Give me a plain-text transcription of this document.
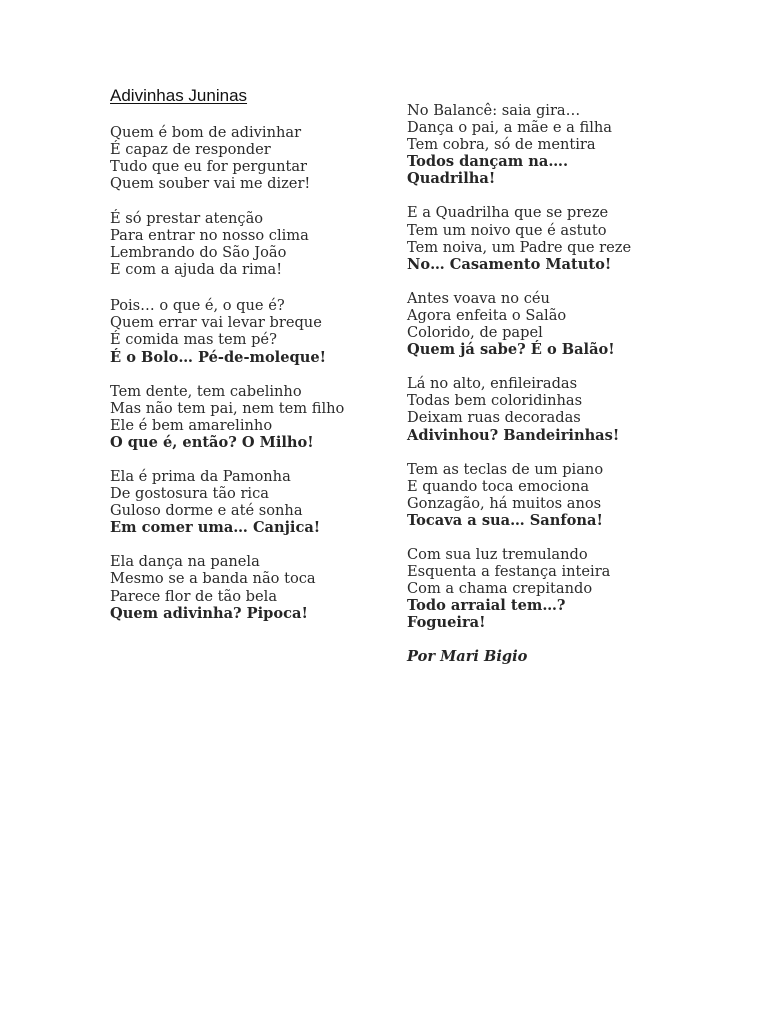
Adivinhas Juninas
Quem é bom de adivinhar
É capaz de responder
Tudo que eu for perguntar
Quem souber vai me dizer!
É só prestar atenção
Para entrar no nosso clima
Lembrando do São João
E com a ajuda da rima!
Pois… o que é, o que é?
Quem errar vai levar breque
É comida mas tem pé?
É o Bolo… Pé-de-moleque!
Tem dente, tem cabelinho
Mas não tem pai, nem tem filho
Ele é bem amarelinho
O que é, então? O Milho!
Ela é prima da Pamonha
De gostosura tão rica
Guloso dorme e até sonha
Em comer uma… Canjica!
Ela dança na panela
Mesmo se a banda não toca
Parece flor de tão bela
Quem adivinha? Pipoca!
No Balancê: saia gira…
Dança o pai, a mãe e a filha
Tem cobra, só de mentira
Todos dançam na….
Quadrilha!
E a Quadrilha que se preze
Tem um noivo que é astuto
Tem noiva, um Padre que reze
No… Casamento Matuto!
Antes voava no céu
Agora enfeita o Salão
Colorido, de papel
Quem já sabe? É o Balão!
Lá no alto, enfileiradas
Todas bem coloridinhas
Deixam ruas decoradas
Adivinhou? Bandeirinhas!
Tem as teclas de um piano
E quando toca emociona
Gonzagão, há muitos anos
Tocava a sua… Sanfona!
Com sua luz tremulando
Esquenta a festança inteira
Com a chama crepitando
Todo arraial tem…?
Fogueira!
Por Mari Bigio
